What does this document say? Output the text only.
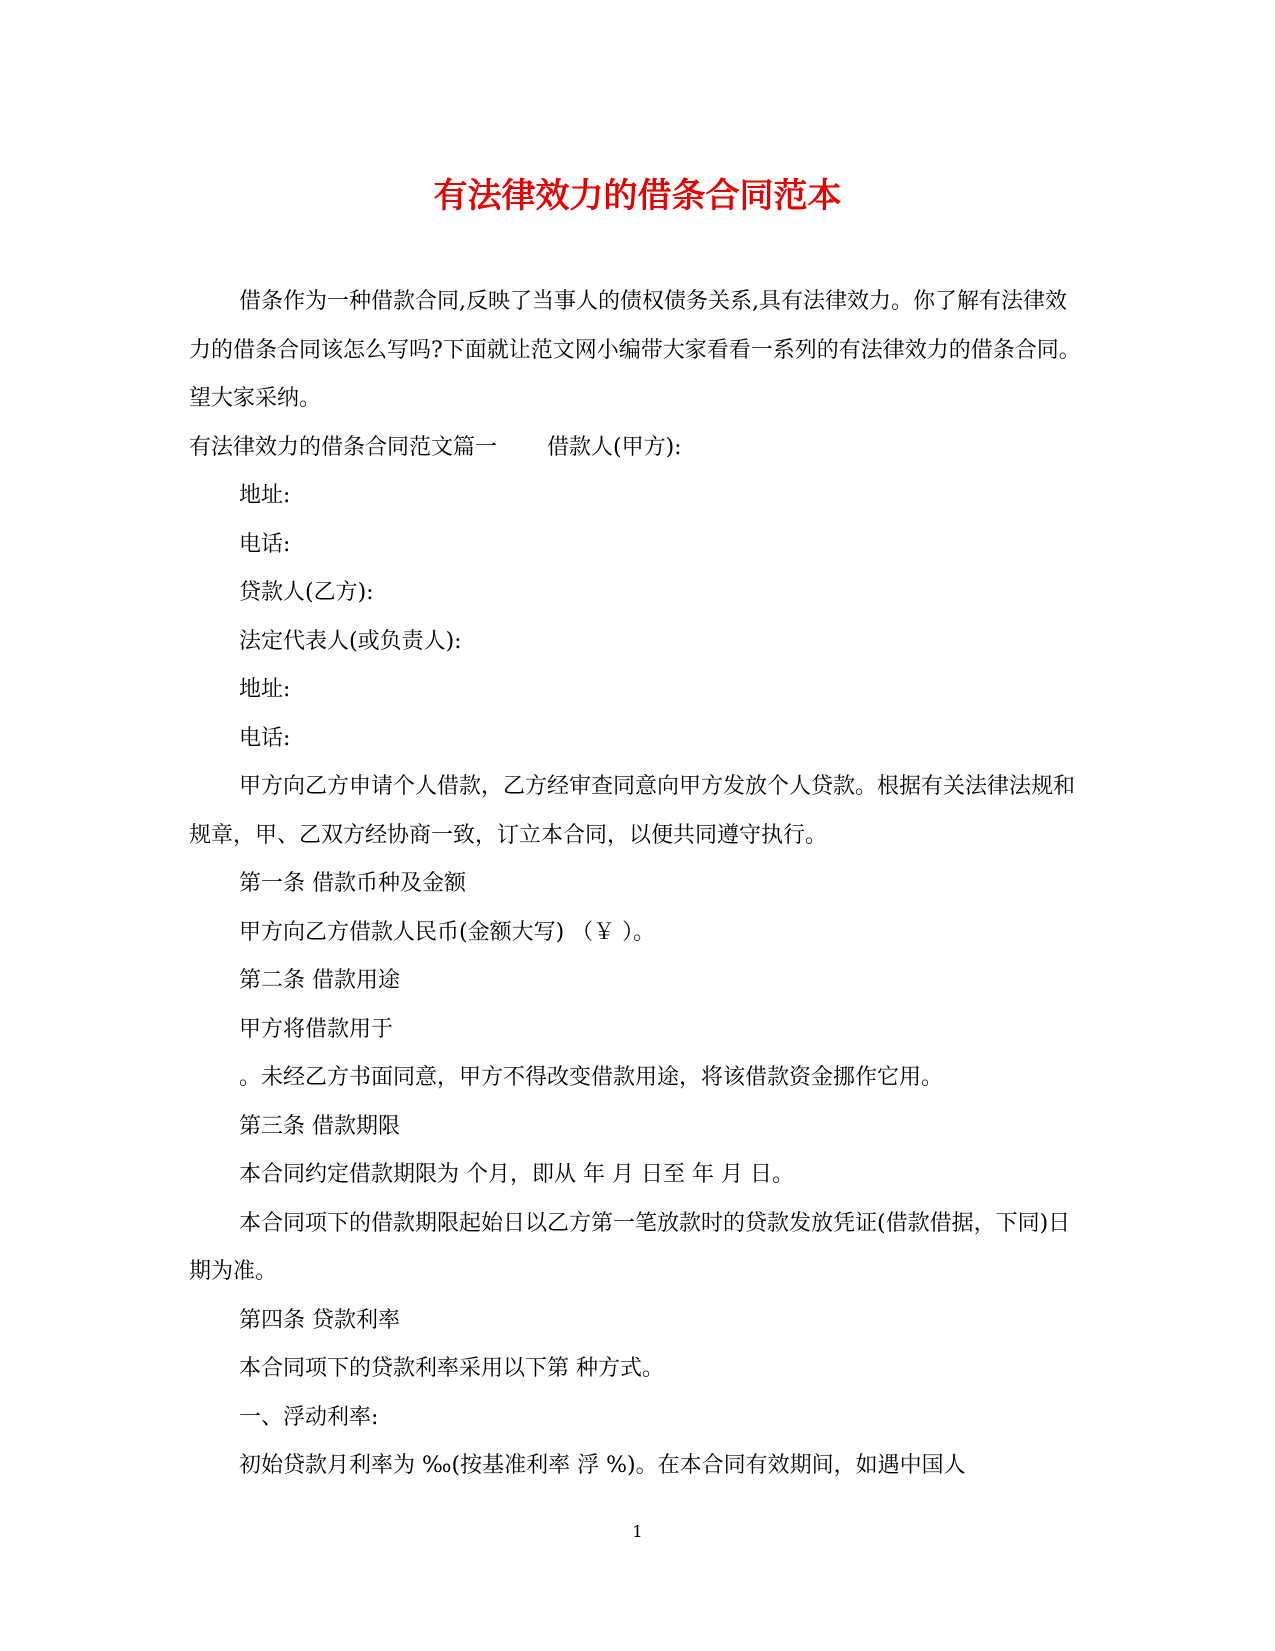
有法律效力的借条合同范本

借条作为一种借款合同,反映了当事人的债权债务关系,具有法律效力。你了解有法律效力的借条合同该怎么写吗?下面就让范文网小编带大家看看一系列的有法律效力的借条合同。望大家采纳。

有法律效力的借条合同范文篇一 借款人(甲方):

地址:

电话:

贷款人(乙方):

法定代表人(或负责人):

地址:

电话:

甲方向乙方申请个人借款，乙方经审查同意向甲方发放个人贷款。根据有关法律法规和规章，甲、乙双方经协商一致，订立本合同，以便共同遵守执行。

第一条 借款币种及金额

甲方向乙方借款人民币(金额大写) （￥ ）。

第二条 借款用途

甲方将借款用于

。未经乙方书面同意，甲方不得改变借款用途，将该借款资金挪作它用。

第三条 借款期限

本合同约定借款期限为 个月，即从 年 月 日至 年 月 日。

本合同项下的借款期限起始日以乙方第一笔放款时的贷款发放凭证(借款借据，下同)日期为准。

第四条 贷款利率

本合同项下的贷款利率采用以下第 种方式。

一、浮动利率:

初始贷款月利率为 ‰(按基准利率 浮 %)。在本合同有效期间，如遇中国人

1
